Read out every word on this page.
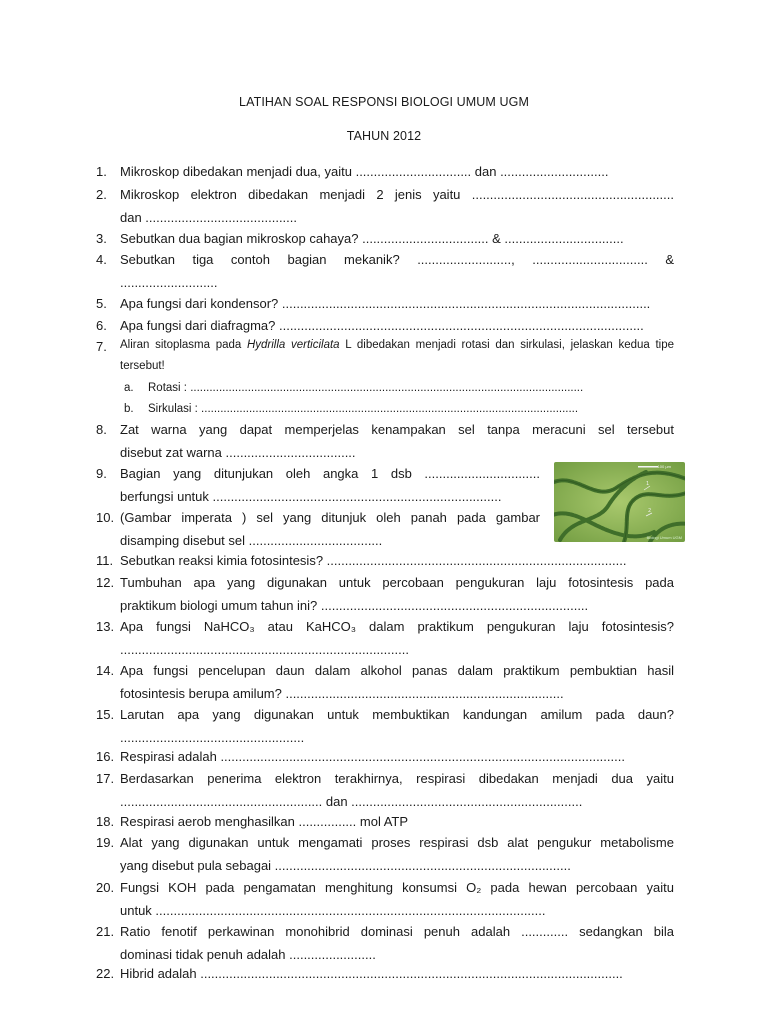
LATIHAN SOAL RESPONSI BIOLOGI UMUM UGM
TAHUN 2012
1.	Mikroskop dibedakan menjadi dua, yaitu ................................ dan ..............................
2.	Mikroskop elektron dibedakan menjadi 2 jenis yaitu ........................................................
dan ..........................................
3.	Sebutkan dua bagian mikroskop cahaya? ................................... & .................................
4.	Sebutkan tiga contoh bagian mekanik? .........................., ................................ &
...........................
5.	Apa fungsi dari kondensor? ......................................................................................................
6.	Apa fungsi dari diafragma? .....................................................................................................
7.	Aliran sitoplasma pada Hydrilla verticilata L dibedakan menjadi rotasi dan sirkulasi, jelaskan kedua tipe tersebut!
a.	Rotasi : ...........................................................................................................................
b.	Sirkulasi : ......................................................................................................................
8.	Zat warna yang dapat memperjelas kenampakan sel tanpa meracuni sel tersebut
disebut zat warna ....................................
9.	Bagian yang ditunjukan oleh angka 1 dsb ................................
berfungsi untuk ................................................................................
10. (Gambar imperata ) sel yang ditunjuk oleh panah pada gambar
disamping disebut sel .....................................
1
2
100 µm
Biologi Umum UGM
11. Sebutkan reaksi kimia fotosintesis? ...................................................................................
12. Tumbuhan apa yang digunakan untuk percobaan pengukuran laju fotosintesis pada
praktikum biologi umum tahun ini? ..........................................................................
13. Apa fungsi NaHCO₃ atau KaHCO₃ dalam praktikum pengukuran laju fotosintesis?
................................................................................
14. Apa fungsi pencelupan daun dalam alkohol panas dalam praktikum pembuktian hasil
fotosintesis berupa amilum? .............................................................................
15. Larutan apa yang digunakan untuk membuktikan kandungan amilum pada daun?
...................................................
16. Respirasi adalah ................................................................................................................
17. Berdasarkan penerima elektron terakhirnya, respirasi dibedakan menjadi dua yaitu
........................................................ dan ................................................................
18. Respirasi aerob menghasilkan ................ mol ATP
19. Alat yang digunakan untuk mengamati proses respirasi dsb alat pengukur metabolisme
yang disebut pula sebagai ..................................................................................
20. Fungsi KOH pada pengamatan menghitung konsumsi O₂ pada hewan percobaan yaitu
untuk ............................................................................................................
21. Ratio fenotif perkawinan monohibrid dominasi penuh adalah ............. sedangkan bila
dominasi tidak penuh adalah ........................
22. Hibrid adalah .....................................................................................................................
